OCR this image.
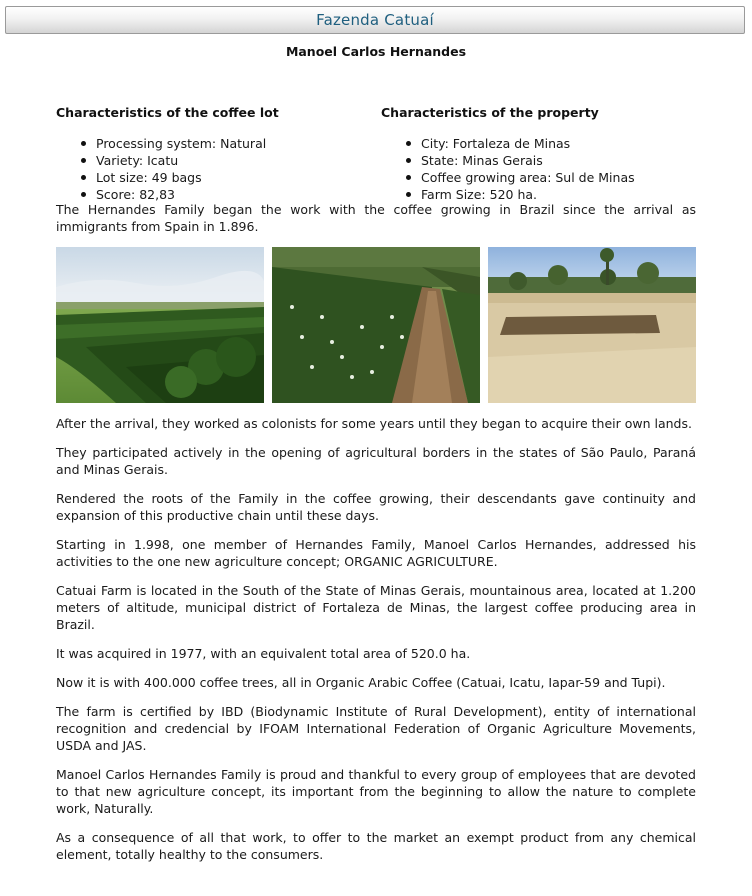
Fazenda Catuaí
Manoel Carlos Hernandes
Characteristics of the coffee lot
Processing system: Natural
Variety: Icatu
Lot size: 49 bags
Score: 82,83
Characteristics of the property
City: Fortaleza de Minas
State: Minas Gerais
Coffee growing area: Sul de Minas
Farm Size: 520 ha.

The Hernandes Family began the work with the coffee growing in Brazil since the arrival as immigrants from Spain in 1.896.

After the arrival, they worked as colonists for some years until they began to acquire their own lands.

They participated actively in the opening of agricultural borders in the states of São Paulo, Paraná and Minas Gerais.

Rendered the roots of the Family in the coffee growing, their descendants gave continuity and expansion of this productive chain until these days.

Starting in 1.998, one member of Hernandes Family, Manoel Carlos Hernandes, addressed his activities to the one new agriculture concept; ORGANIC AGRICULTURE.

Catuai Farm is located in the South of the State of Minas Gerais, mountainous area, located at 1.200 meters of altitude, municipal district of Fortaleza de Minas, the largest coffee producing area in Brazil.

It was acquired in 1977, with an equivalent total area of 520.0 ha.

Now it is with 400.000 coffee trees, all in Organic Arabic Coffee (Catuai, Icatu, Iapar-59 and Tupi).

The farm is certified by IBD (Biodynamic Institute of Rural Development), entity of international recognition and credencial by IFOAM International Federation of Organic Agriculture Movements, USDA and JAS.

Manoel Carlos Hernandes Family is proud and thankful to every group of employees that are devoted to that new agriculture concept, its important from the beginning to allow the nature to complete work, Naturally.

As a consequence of all that work, to offer to the market an exempt product from any chemical element, totally healthy to the consumers.
